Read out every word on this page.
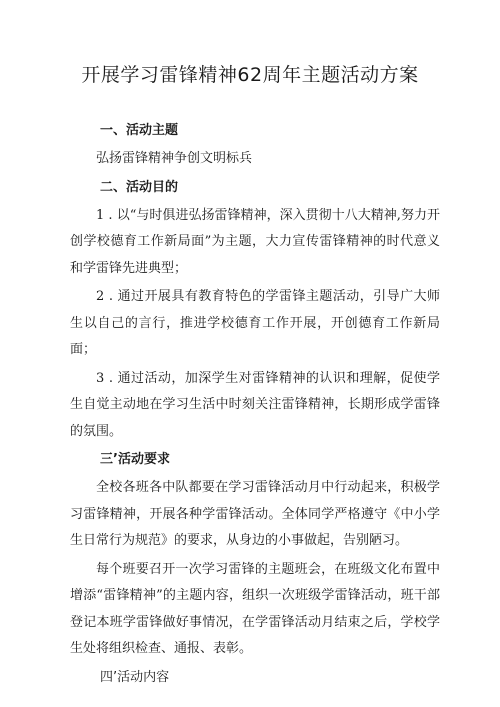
开展学习雷锋精神62周年主题活动方案
一、活动主题

弘扬雷锋精神争创文明标兵

二、活动目的

1 . 以“与时俱进弘扬雷锋精神，深入贯彻十八大精神,努力开创学校德育工作新局面”为主题，大力宣传雷锋精神的时代意义和学雷锋先进典型；

2 . 通过开展具有教育特色的学雷锋主题活动，引导广大师生以自己的言行，推进学校德育工作开展，开创德育工作新局面；

3 . 通过活动，加深学生对雷锋精神的认识和理解，促使学生自觉主动地在学习生活中时刻关注雷锋精神，长期形成学雷锋的氛围。

三’活动要求

全校各班各中队都要在学习雷锋活动月中行动起来，积极学习雷锋精神，开展各种学雷锋活动。全体同学严格遵守《中小学生日常行为规范》的要求，从身边的小事做起，告别陋习。

每个班要召开一次学习雷锋的主题班会，在班级文化布置中增添“雷锋精神”的主题内容，组织一次班级学雷锋活动，班干部登记本班学雷锋做好事情况，在学雷锋活动月结束之后，学校学生处将组织检查、通报、表彰。

四’活动内容
